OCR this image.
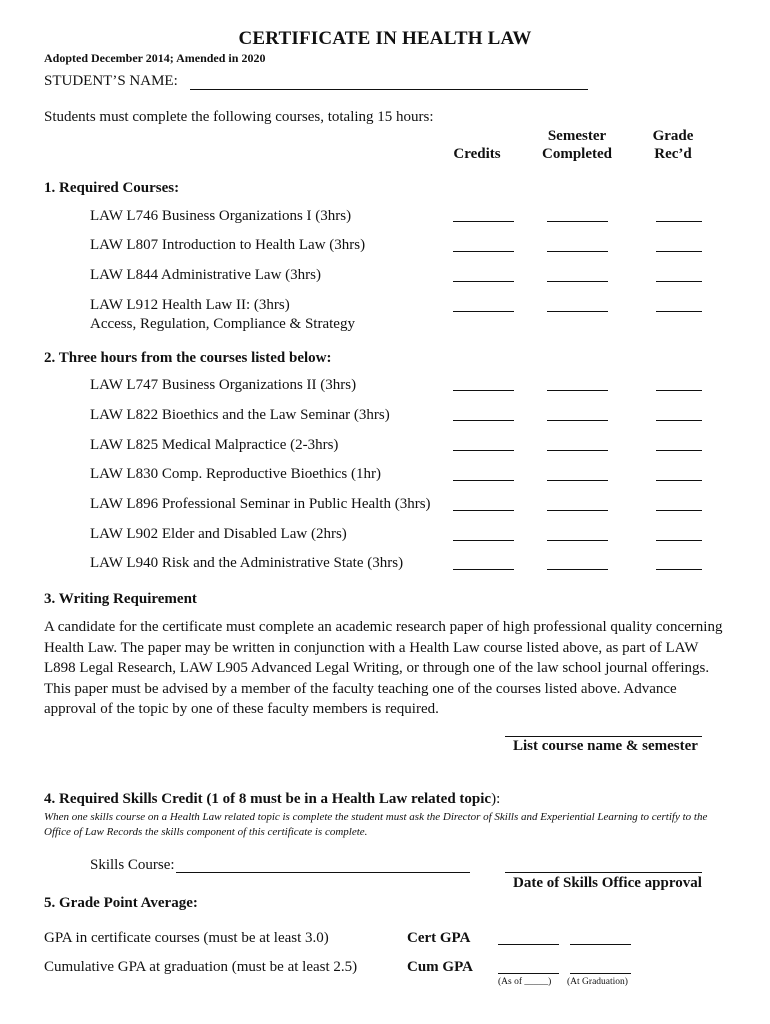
CERTIFICATE IN HEALTH LAW
Adopted December 2014; Amended in 2020
STUDENT’S NAME:
Students must complete the following courses, totaling 15 hours:
Credits
Semester
Completed
Grade
Rec’d
1. Required Courses:
LAW L746 Business Organizations I (3hrs)
LAW L807 Introduction to Health Law (3hrs)
LAW L844 Administrative Law (3hrs)
LAW L912 Health Law II: (3hrs)
Access, Regulation, Compliance & Strategy
2. Three hours from the courses listed below:
LAW L747 Business Organizations II (3hrs)
LAW L822 Bioethics and the Law Seminar (3hrs)
LAW L825 Medical Malpractice (2-3hrs)
LAW L830 Comp. Reproductive Bioethics (1hr)
LAW L896 Professional Seminar in Public Health (3hrs)
LAW L902 Elder and Disabled Law (2hrs)
LAW L940 Risk and the Administrative State (3hrs)
3. Writing Requirement
A candidate for the certificate must complete an academic research paper of high professional quality concerning Health Law. The paper may be written in conjunction with a Health Law course listed above, as part of LAW L898 Legal Research, LAW L905 Advanced Legal Writing, or through one of the law school journal offerings. This paper must be advised by a member of the faculty teaching one of the courses listed above. Advance approval of the topic by one of these faculty members is required.
List course name & semester
4. Required Skills Credit (1 of 8 must be in a Health Law related topic):
When one skills course on a Health Law related topic is complete the student must ask the Director of Skills and Experiential Learning to certify to the Office of Law Records the skills component of this certificate is complete.
Skills Course:
Date of Skills Office approval
5. Grade Point Average:
GPA in certificate courses (must be at least 3.0)	Cert GPA
Cumulative GPA at graduation (must be at least 2.5)	Cum GPA
(As of _____) (At Graduation)
